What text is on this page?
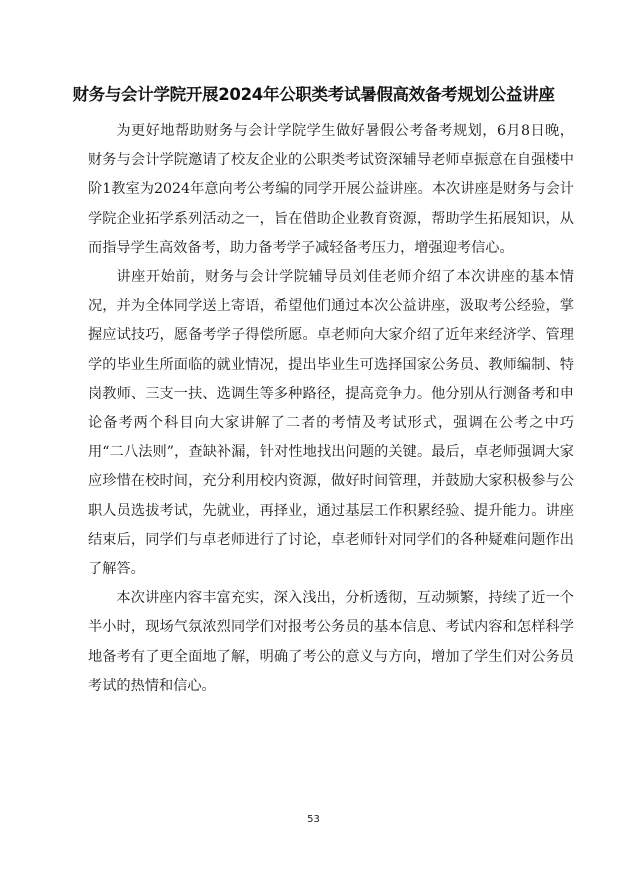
财务与会计学院开展2024年公职类考试暑假高效备考规划公益讲座

为更好地帮助财务与会计学院学生做好暑假公考备考规划，6月8日晚，财务与会计学院邀请了校友企业的公职类考试资深辅导老师卓振意在自强楼中阶1教室为2024年意向考公考编的同学开展公益讲座。本次讲座是财务与会计学院企业拓学系列活动之一，旨在借助企业教育资源，帮助学生拓展知识，从而指导学生高效备考，助力备考学子减轻备考压力，增强迎考信心。

讲座开始前，财务与会计学院辅导员刘佳老师介绍了本次讲座的基本情况，并为全体同学送上寄语，希望他们通过本次公益讲座，汲取考公经验，掌握应试技巧，愿备考学子得偿所愿。卓老师向大家介绍了近年来经济学、管理学的毕业生所面临的就业情况，提出毕业生可选择国家公务员、教师编制、特岗教师、三支一扶、选调生等多种路径，提高竞争力。他分别从行测备考和申论备考两个科目向大家讲解了二者的考情及考试形式，强调在公考之中巧用“二八法则”，查缺补漏，针对性地找出问题的关键。最后，卓老师强调大家应珍惜在校时间，充分利用校内资源，做好时间管理，并鼓励大家积极参与公职人员选拔考试，先就业，再择业，通过基层工作积累经验、提升能力。讲座结束后，同学们与卓老师进行了讨论，卓老师针对同学们的各种疑难问题作出了解答。

本次讲座内容丰富充实，深入浅出，分析透彻，互动频繁，持续了近一个半小时，现场气氛浓烈同学们对报考公务员的基本信息、考试内容和怎样科学地备考有了更全面地了解，明确了考公的意义与方向，增加了学生们对公务员考试的热情和信心。

53
